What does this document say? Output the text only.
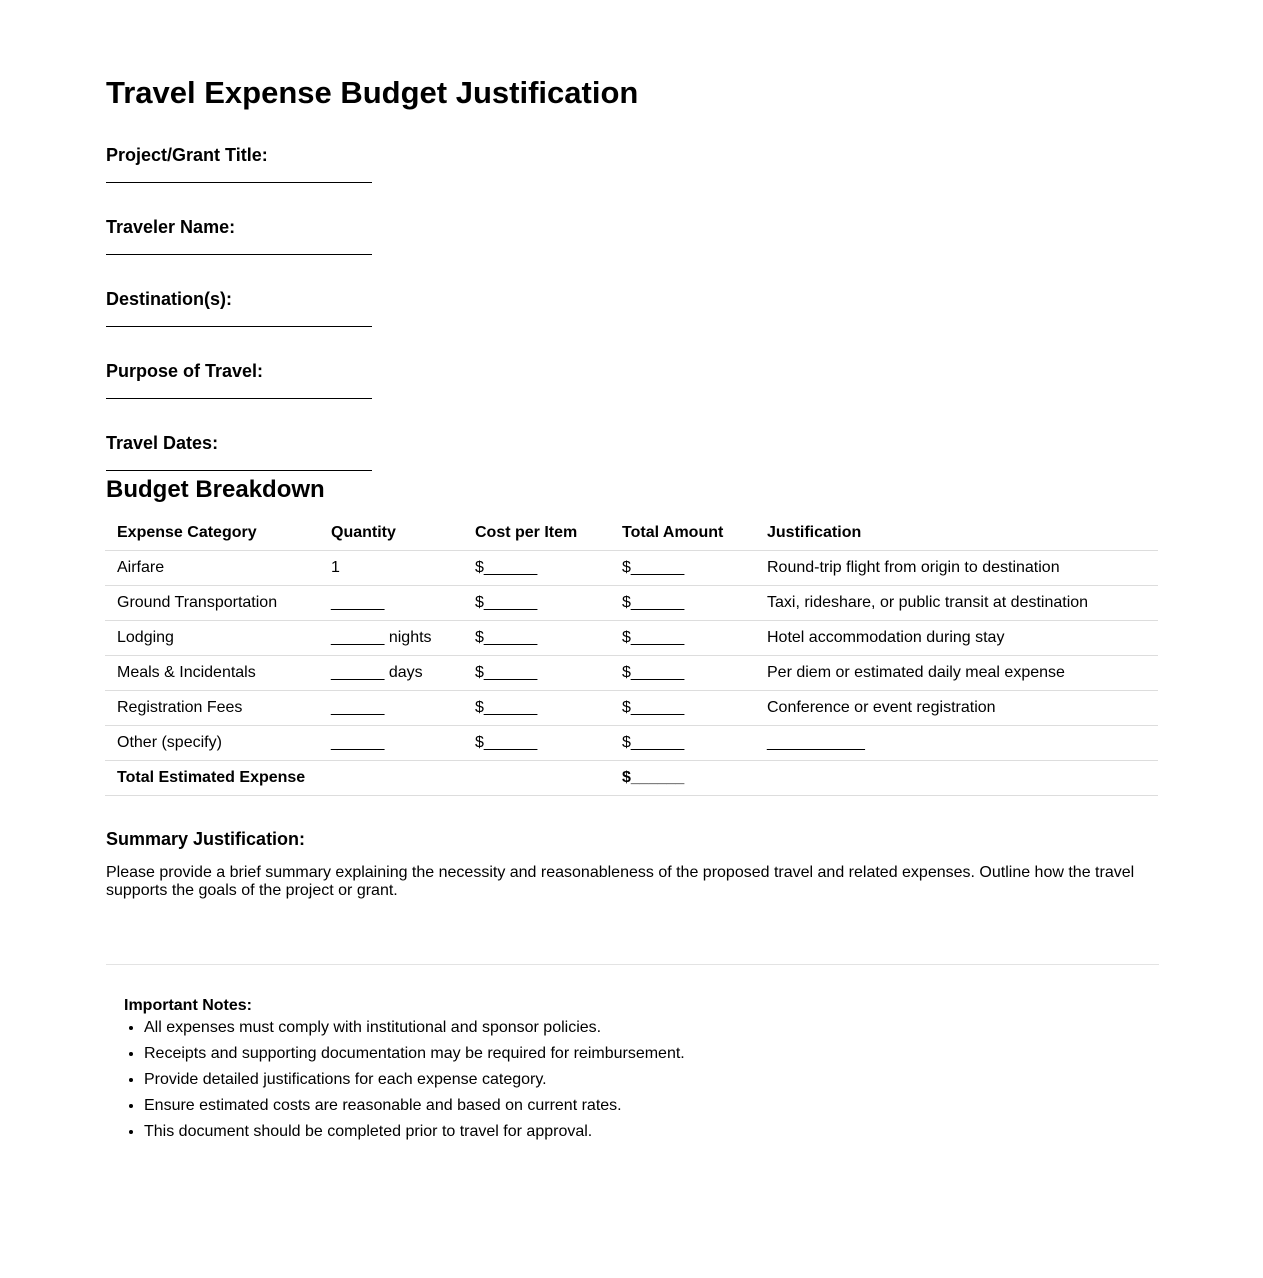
Travel Expense Budget Justification
Project/Grant Title:
Traveler Name:
Destination(s):
Purpose of Travel:
Travel Dates:
Budget Breakdown
Expense Category	Quantity	Cost per Item	Total Amount	Justification
Airfare	1	$______	$______	Round-trip flight from origin to destination
Ground Transportation	______	$______	$______	Taxi, rideshare, or public transit at destination
Lodging	______ nights	$______	$______	Hotel accommodation during stay
Meals & Incidentals	______ days	$______	$______	Per diem or estimated daily meal expense
Registration Fees	______	$______	$______	Conference or event registration
Other (specify)	______	$______	$______	___________
Total Estimated Expense			$______	
Summary Justification:
Please provide a brief summary explaining the necessity and reasonableness of the proposed travel and related expenses. Outline how the travel supports the goals of the project or grant.
Important Notes:
• All expenses must comply with institutional and sponsor policies.
• Receipts and supporting documentation may be required for reimbursement.
• Provide detailed justifications for each expense category.
• Ensure estimated costs are reasonable and based on current rates.
• This document should be completed prior to travel for approval.
